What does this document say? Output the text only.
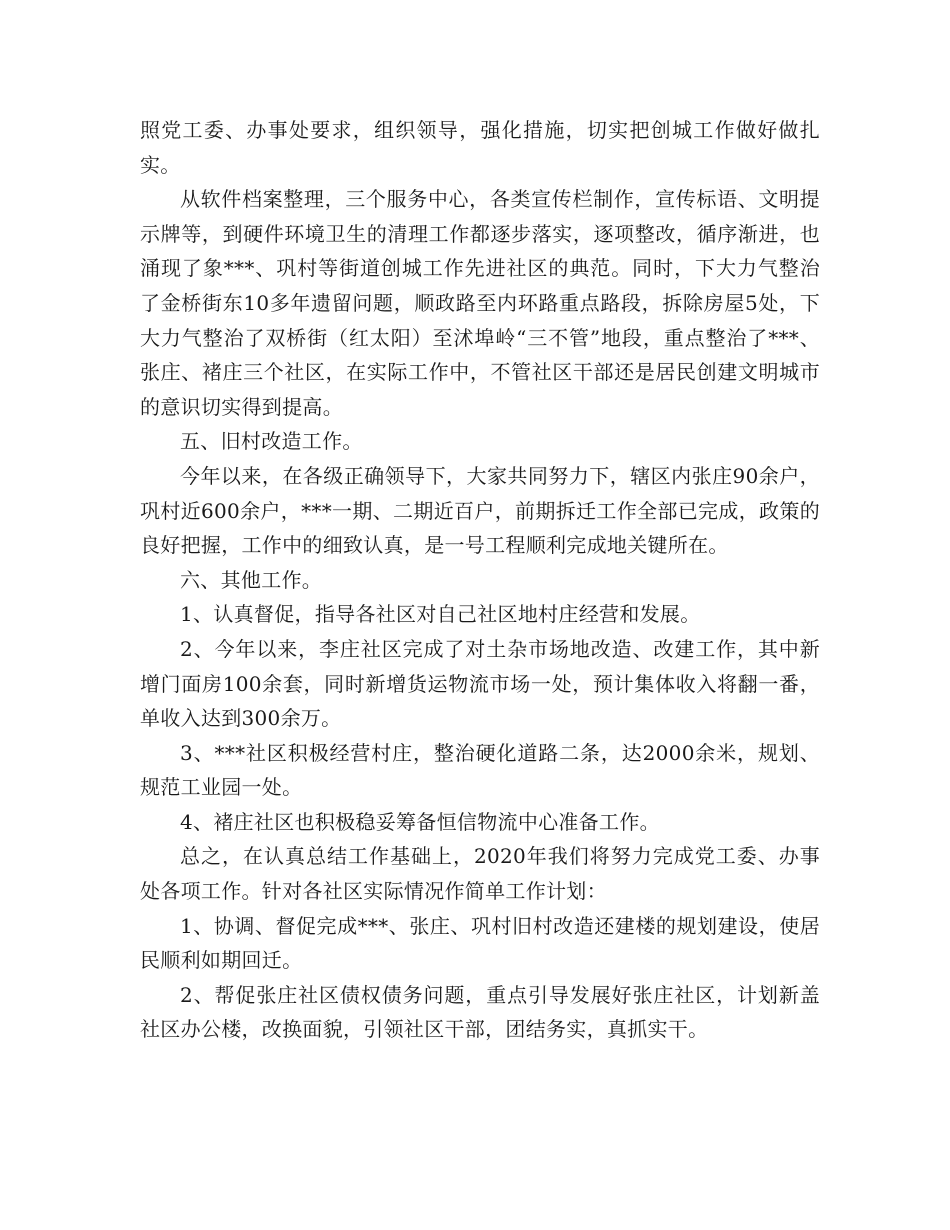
照党工委、办事处要求，组织领导，强化措施，切实把创城工作做好做扎实。

从软件档案整理，三个服务中心，各类宣传栏制作，宣传标语、文明提示牌等，到硬件环境卫生的清理工作都逐步落实，逐项整改，循序渐进，也涌现了象***、巩村等街道创城工作先进社区的典范。同时，下大力气整治了金桥街东10多年遗留问题，顺政路至内环路重点路段，拆除房屋5处，下大力气整治了双桥街（红太阳）至沭埠岭“三不管”地段，重点整治了***、张庄、褚庄三个社区，在实际工作中，不管社区干部还是居民创建文明城市的意识切实得到提高。

五、旧村改造工作。

今年以来，在各级正确领导下，大家共同努力下，辖区内张庄90余户，巩村近600余户，***一期、二期近百户，前期拆迁工作全部已完成，政策的良好把握，工作中的细致认真，是一号工程顺利完成地关键所在。

六、其他工作。

1、认真督促，指导各社区对自己社区地村庄经营和发展。

2、今年以来，李庄社区完成了对土杂市场地改造、改建工作，其中新增门面房100余套，同时新增货运物流市场一处，预计集体收入将翻一番，单收入达到300余万。

3、***社区积极经营村庄，整治硬化道路二条，达2000余米，规划、规范工业园一处。

4、褚庄社区也积极稳妥筹备恒信物流中心准备工作。

总之，在认真总结工作基础上，2020年我们将努力完成党工委、办事处各项工作。针对各社区实际情况作简单工作计划：

1、协调、督促完成***、张庄、巩村旧村改造还建楼的规划建设，使居民顺利如期回迁。

2、帮促张庄社区债权债务问题，重点引导发展好张庄社区，计划新盖社区办公楼，改换面貌，引领社区干部，团结务实，真抓实干。
